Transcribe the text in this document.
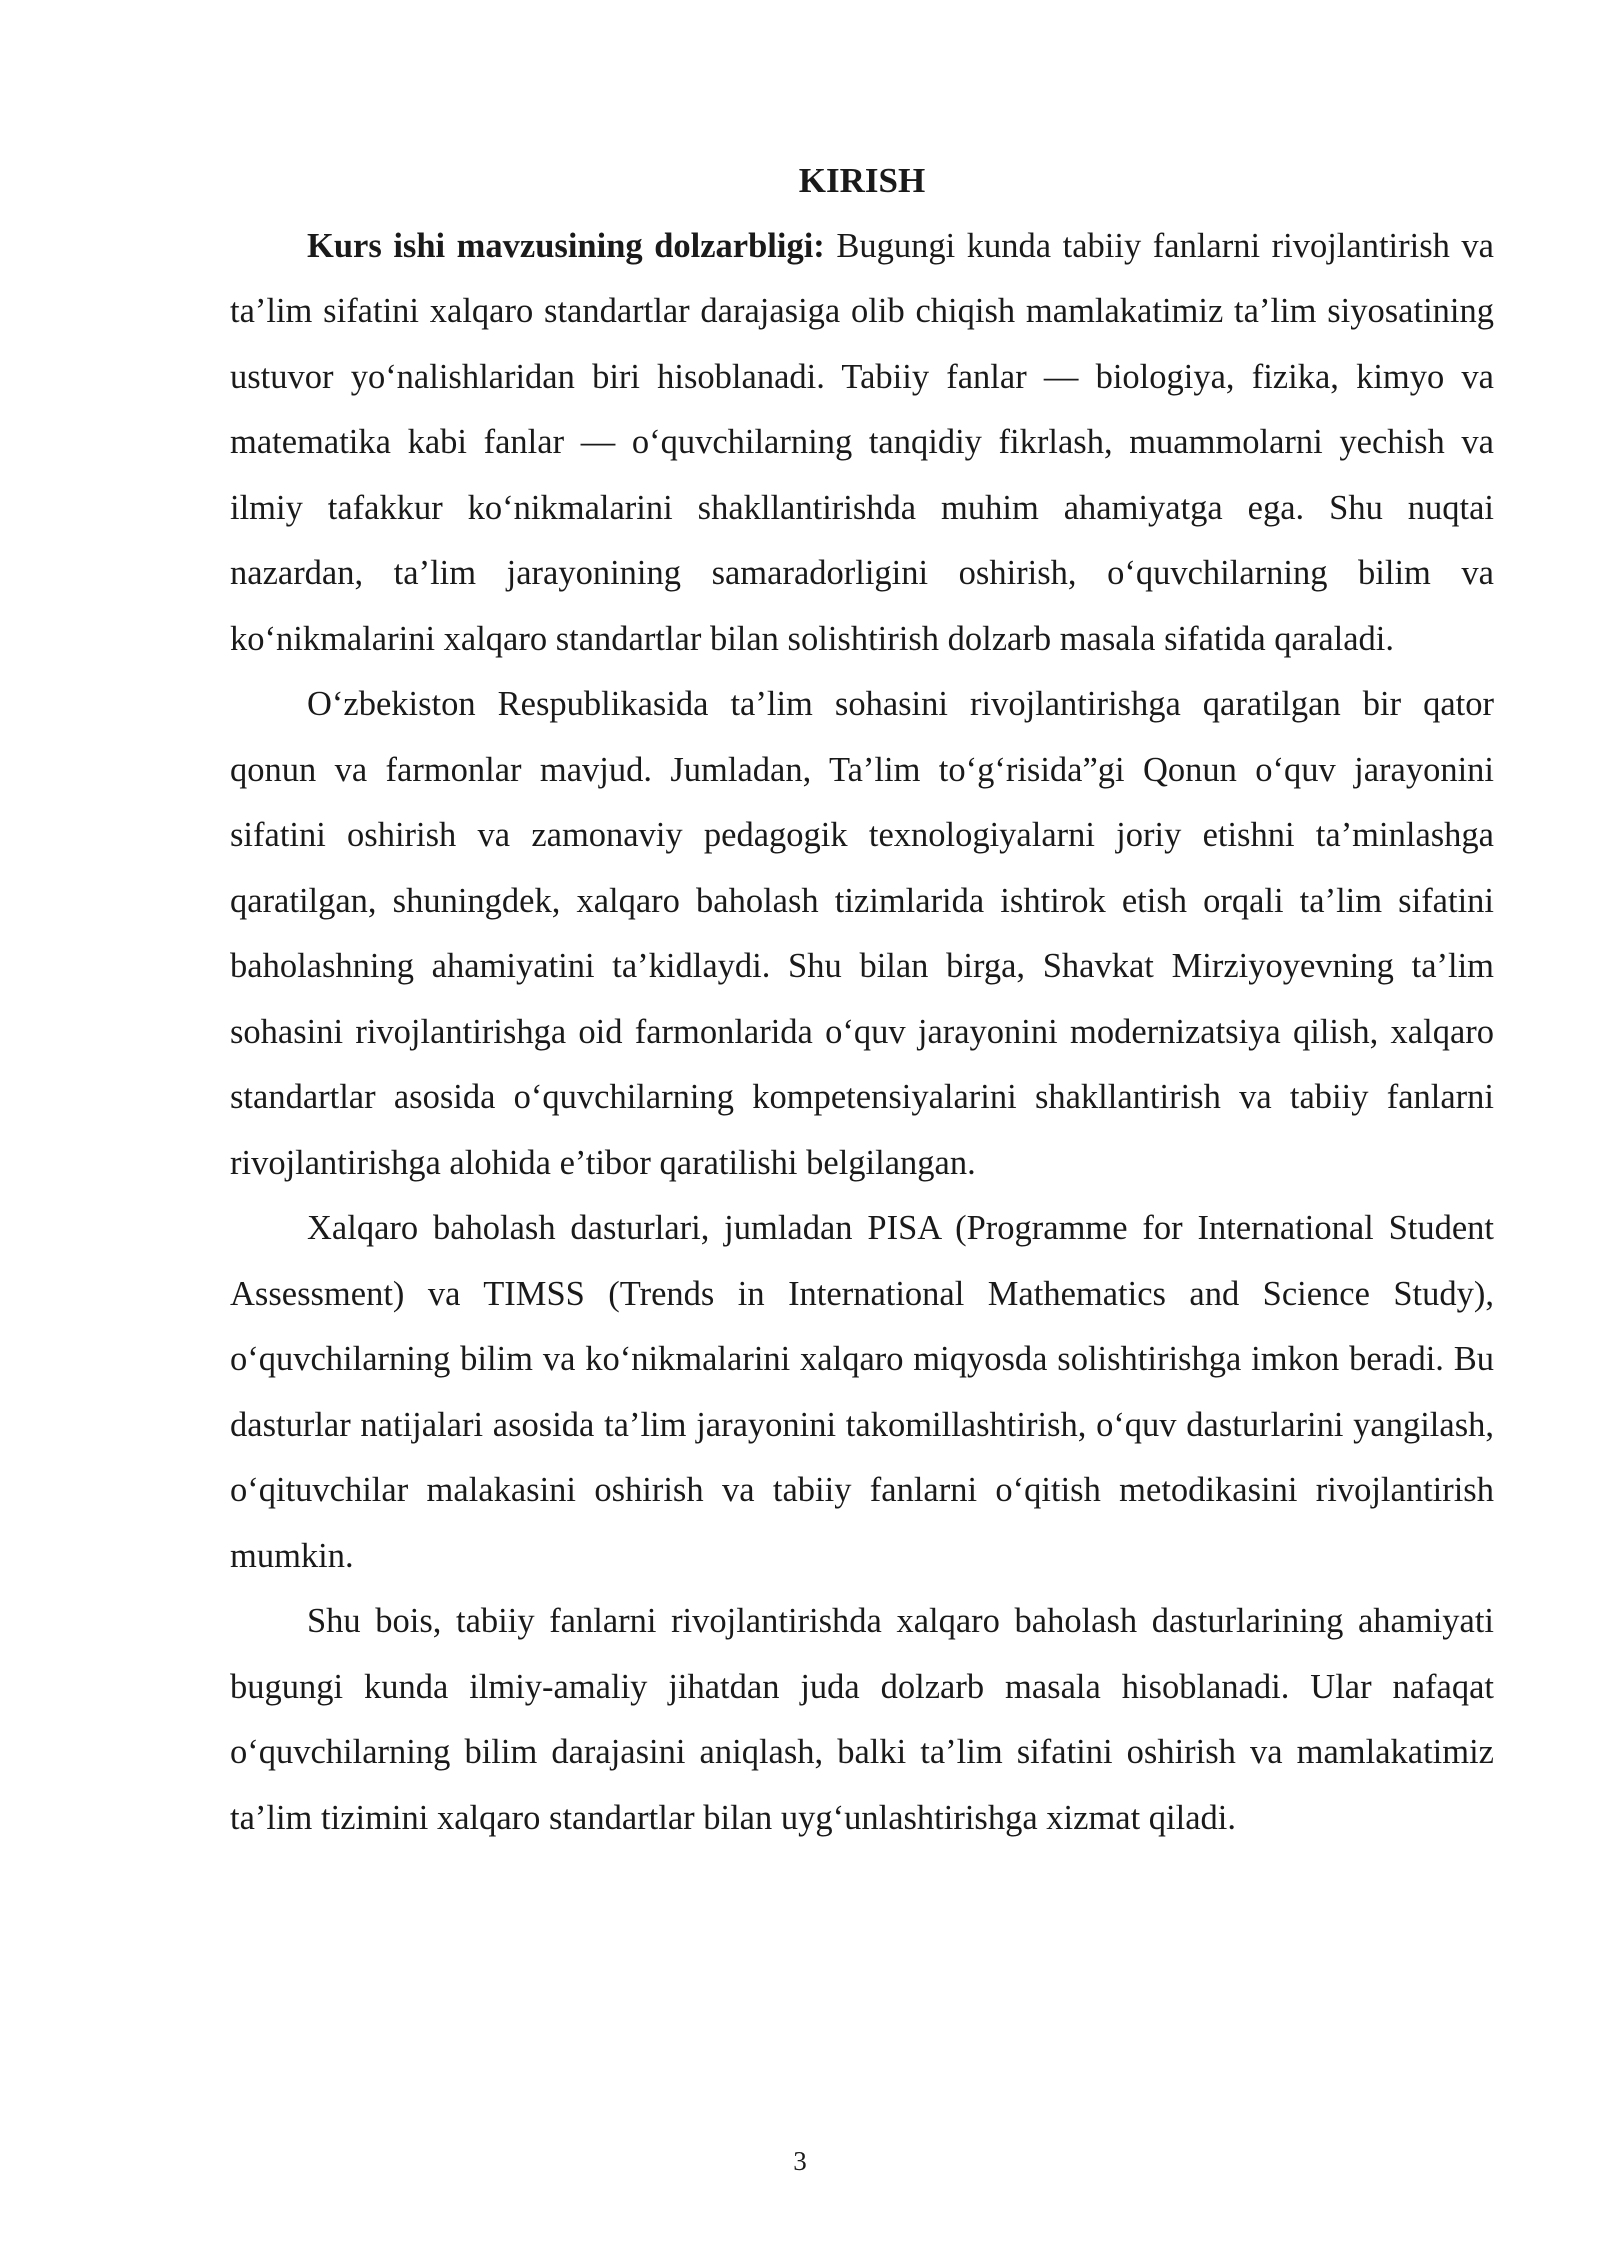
KIRISH

Kurs ishi mavzusining dolzarbligi: Bugungi kunda tabiiy fanlarni rivojlantirish va ta’lim sifatini xalqaro standartlar darajasiga olib chiqish mamlakatimiz ta’lim siyosatining ustuvor yo‘nalishlaridan biri hisoblanadi. Tabiiy fanlar — biologiya, fizika, kimyo va matematika kabi fanlar — o‘quvchilarning tanqidiy fikrlash, muammolarni yechish va ilmiy tafakkur ko‘nikmalarini shakllantirishda muhim ahamiyatga ega. Shu nuqtai nazardan, ta’lim jarayonining samaradorligini oshirish, o‘quvchilarning bilim va ko‘nikmalarini xalqaro standartlar bilan solishtirish dolzarb masala sifatida qaraladi.

O‘zbekiston Respublikasida ta’lim sohasini rivojlantirishga qaratilgan bir qator qonun va farmonlar mavjud. Jumladan, Ta’lim to‘g‘risida”gi Qonun o‘quv jarayonini sifatini oshirish va zamonaviy pedagogik texnologiyalarni joriy etishni ta’minlashga qaratilgan, shuningdek, xalqaro baholash tizimlarida ishtirok etish orqali ta’lim sifatini baholashning ahamiyatini ta’kidlaydi. Shu bilan birga, Shavkat Mirziyoyevning ta’lim sohasini rivojlantirishga oid farmonlarida o‘quv jarayonini modernizatsiya qilish, xalqaro standartlar asosida o‘quvchilarning kompetensiyalarini shakllantirish va tabiiy fanlarni rivojlantirishga alohida e’tibor qaratilishi belgilangan.

Xalqaro baholash dasturlari, jumladan PISA (Programme for International Student Assessment) va TIMSS (Trends in International Mathematics and Science Study), o‘quvchilarning bilim va ko‘nikmalarini xalqaro miqyosda solishtirishga imkon beradi. Bu dasturlar natijalari asosida ta’lim jarayonini takomillashtirish, o‘quv dasturlarini yangilash, o‘qituvchilar malakasini oshirish va tabiiy fanlarni o‘qitish metodikasini rivojlantirish mumkin.

Shu bois, tabiiy fanlarni rivojlantirishda xalqaro baholash dasturlarining ahamiyati bugungi kunda ilmiy-amaliy jihatdan juda dolzarb masala hisoblanadi. Ular nafaqat o‘quvchilarning bilim darajasini aniqlash, balki ta’lim sifatini oshirish va mamlakatimiz ta’lim tizimini xalqaro standartlar bilan uyg‘unlashtirishga xizmat qiladi.

3
